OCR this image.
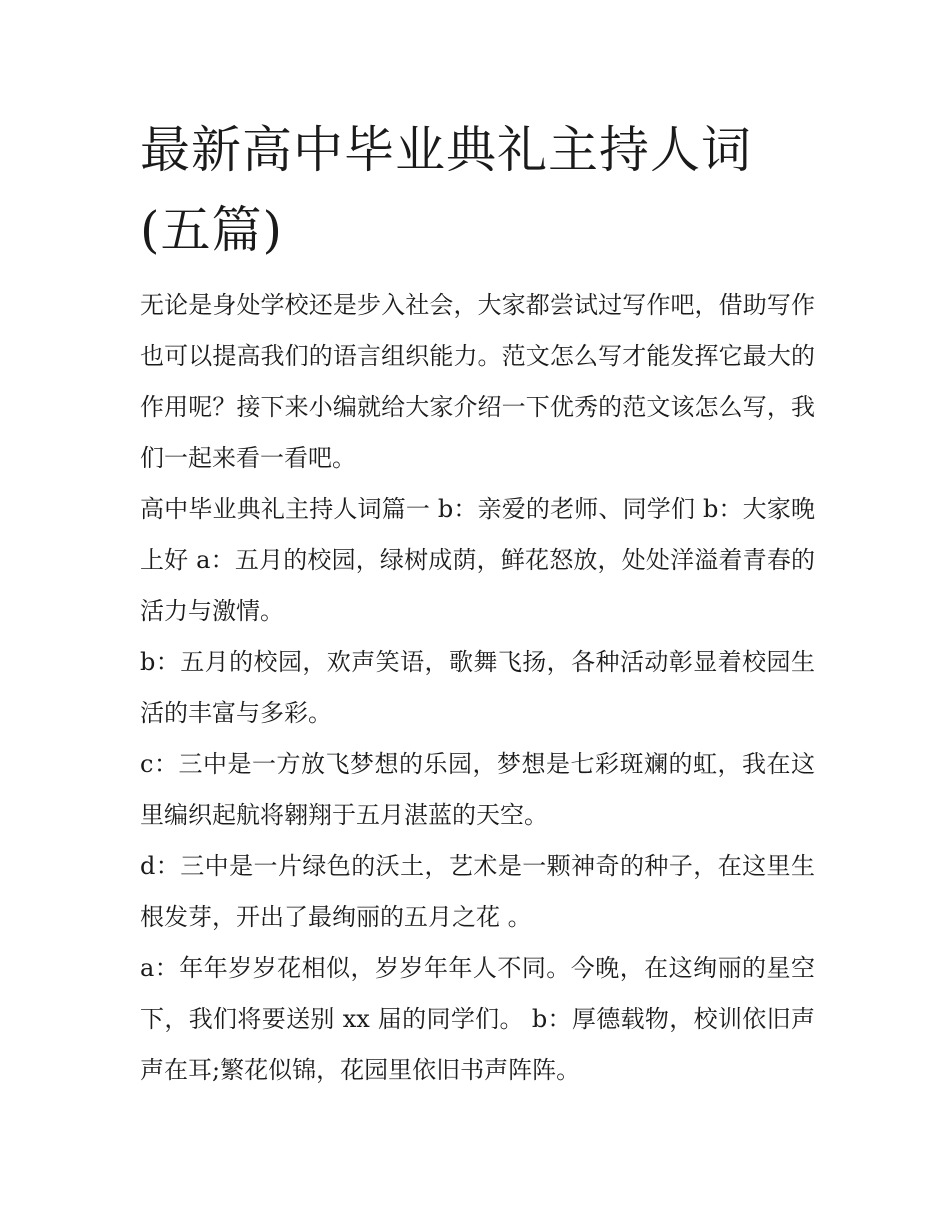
最新高中毕业典礼主持人词(五篇)

无论是身处学校还是步入社会，大家都尝试过写作吧，借助写作也可以提高我们的语言组织能力。范文怎么写才能发挥它最大的作用呢？接下来小编就给大家介绍一下优秀的范文该怎么写，我们一起来看一看吧。

高中毕业典礼主持人词篇一 b：亲爱的老师、同学们 b：大家晚上好 a：五月的校园，绿树成荫，鲜花怒放，处处洋溢着青春的活力与激情。

b：五月的校园，欢声笑语，歌舞飞扬，各种活动彰显着校园生活的丰富与多彩。

c：三中是一方放飞梦想的乐园，梦想是七彩斑斓的虹，我在这里编织起航将翱翔于五月湛蓝的天空。

d：三中是一片绿色的沃土，艺术是一颗神奇的种子，在这里生根发芽，开出了最绚丽的五月之花 。

a：年年岁岁花相似，岁岁年年人不同。今晚，在这绚丽的星空下，我们将要送别 xx 届的同学们。 b：厚德载物，校训依旧声声在耳;繁花似锦，花园里依旧书声阵阵。
